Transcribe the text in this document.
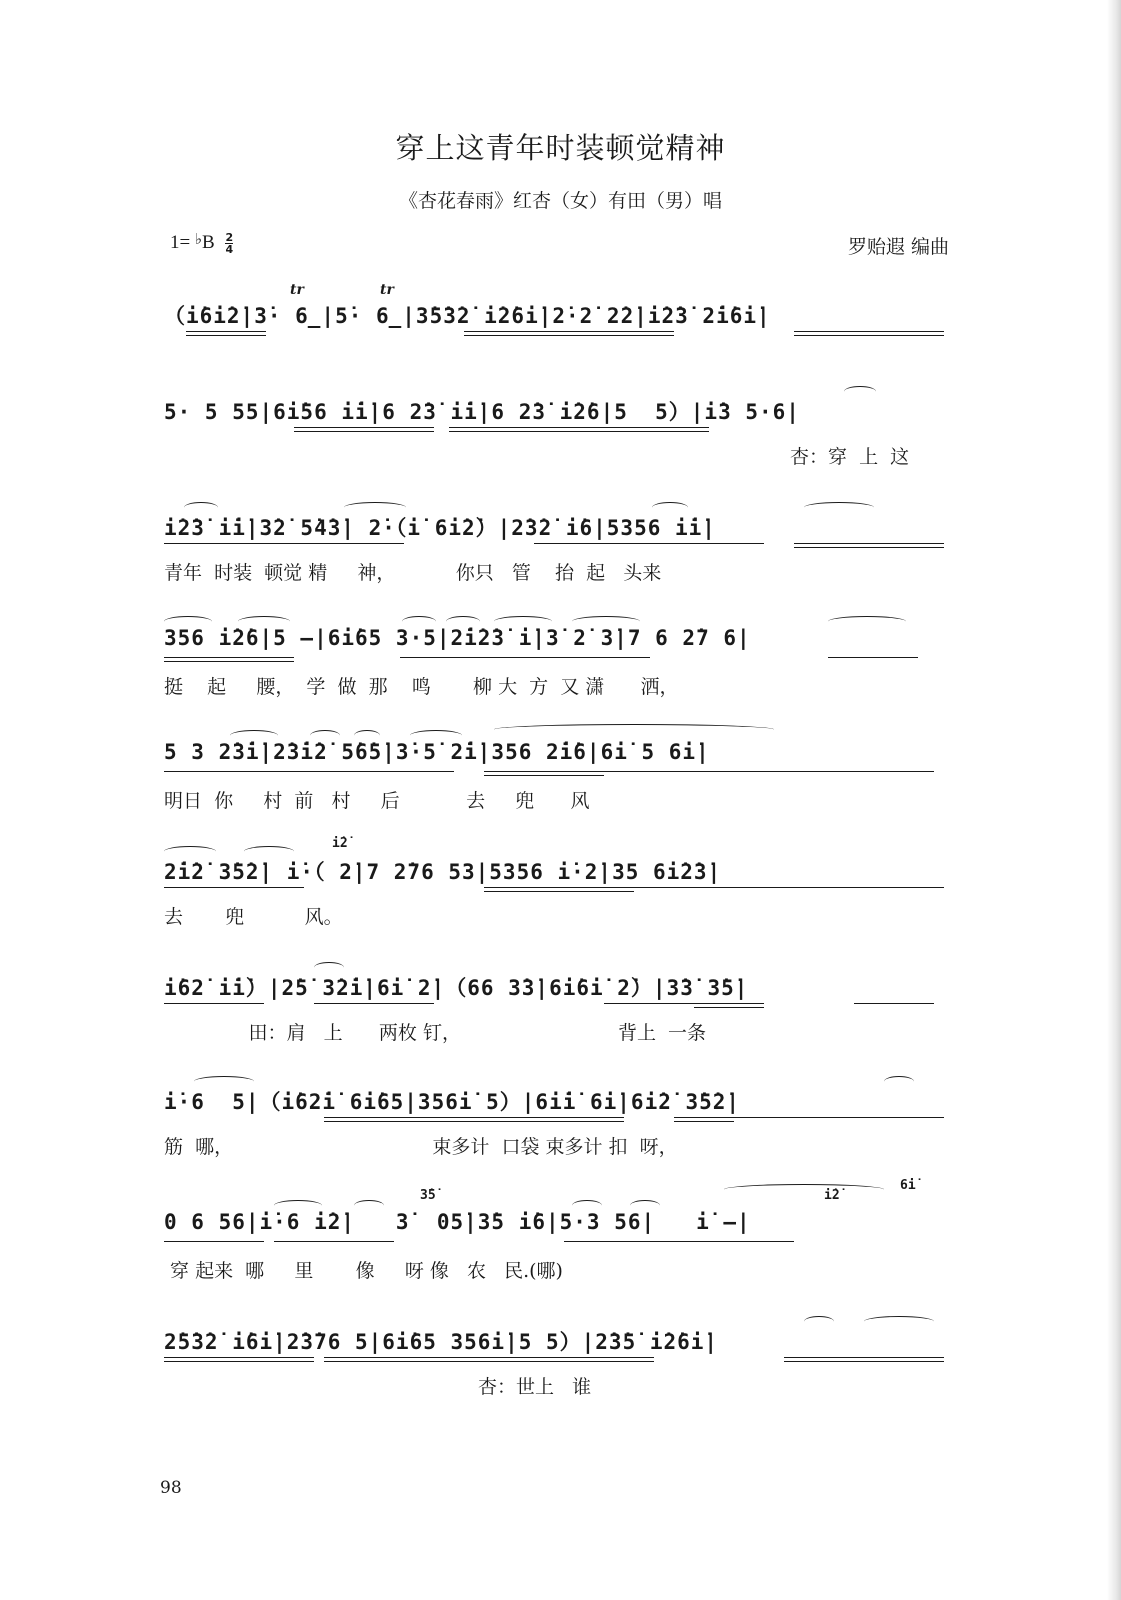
穿上这青年时装顿觉精神
《杏花春雨》红杏（女）有田（男）唱
$1= ^♭B \frac{2}{4}$	罗贻遐 编曲
tr	tr
（i̇6i̇2̇|3̇· 6̲|5̇· 6̲|3̇5̇3̇2̇ i̇2̇6i̇|2̇·2̇ 2̇2̇|i̇2̇3̇ 2̇i̇6i̇|
5· 5 55|6i̇56 i̇i̇|6 2̇3̇ i̇i̇|6 2̇3̇ i̇2̇6|5  5）|i̇3 5·6|
杏：穿  上  这
i̇2̇3̇ i̇i̇|3̇2̇ 5̇4̇3̇| 2̇·（i̇ 6i̇2̇）|2̇3̇2̇ i̇6|5356 i̇i̇|
青年  时装  顿觉 精     神，          你只   管    抬  起   头来
356 i̇2̇6|5 —|6i̇65 3·5|2̇i̇2̇3̇ i̇|3̇ 2̇ 3̇|7 6 2̇7 6|
挺    起     腰，  学  做  那    鸣       柳 大  方  又 潇      洒，
5 3 2̇3̇i̇|2̇3̇i̇2̇ 5̇6̇5̇|3̇·5̇ 2̇i̇|356 2̇i̇6|6i̇ 5 6i̇|
明日  你     村  前   村     后           去     兜      风
i̇2̇
2̇i̇2̇ 3̇5̇2̇| i̇·（ 2̇|7 2̇76 53|5356 i̇·2̇|35 6i̇2̇3̇|
去       兜          风。
i̇62̇ i̇i̇）|2̇5̇ 3̇2̇i̇|6i̇ 2̇|（66 3̇3̇|6i̇6i̇ 2̇）|3̇3̇ 3̇5̇|
田：肩   上      两枚 钉，                          背上  一条
i̇·6  5|（i̇62̇i̇ 6i̇65|356i̇ 5）|6i̇i̇ 6i̇|6i̇2̇ 3̇5̇2̇|
筋  哪，                                 束多计  口袋 束多计 扣  呀，
3̇5̇	i̇2̇
6̇i̇
0 6 56|i̇·6 i̇2̇|   3̇  05̇|3̇5 i̇6|5·3 56|   i̇ —|
穿 起来  哪     里       像     呀 像   农   民.(哪)
2̇5̇3̇2̇ i̇6i̇|2̇3̇76 5|6i̇65 356i̇|5 5）|2̇3̇5̇ i̇2̇6i̇|
杏：世上   谁
98
